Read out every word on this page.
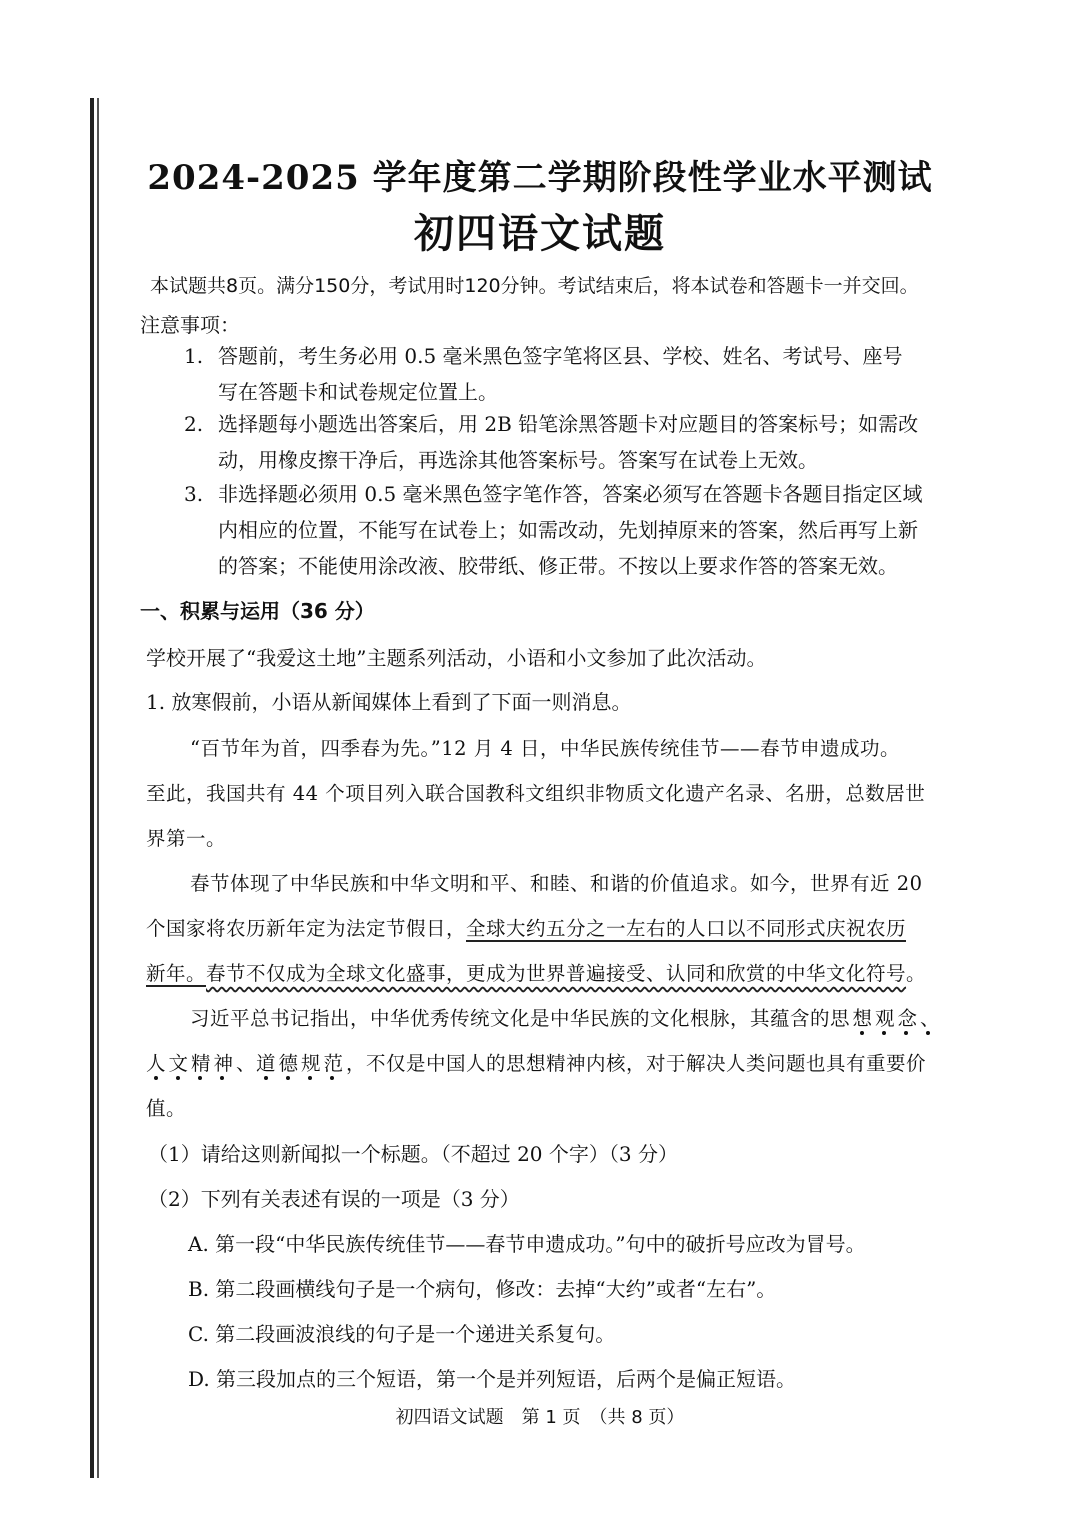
2024-2025 学年度第二学期阶段性学业水平测试
初四语文试题
本试题共8页。满分150分，考试用时120分钟。考试结束后，将本试卷和答题卡一并交回。
注意事项：
1. 答题前，考生务必用 0.5 毫米黑色签字笔将区县、学校、姓名、考试号、座号
写在答题卡和试卷规定位置上。
2. 选择题每小题选出答案后，用 2B 铅笔涂黑答题卡对应题目的答案标号；如需改
动，用橡皮擦干净后，再选涂其他答案标号。答案写在试卷上无效。
3. 非选择题必须用 0.5 毫米黑色签字笔作答，答案必须写在答题卡各题目指定区域
内相应的位置，不能写在试卷上；如需改动，先划掉原来的答案，然后再写上新
的答案；不能使用涂改液、胶带纸、修正带。不按以上要求作答的答案无效。
一、积累与运用（36 分）
学校开展了“我爱这土地”主题系列活动，小语和小文参加了此次活动。
1. 放寒假前，小语从新闻媒体上看到了下面一则消息。
“百节年为首，四季春为先。”12 月 4 日，中华民族传统佳节——春节申遗成功。
至此，我国共有 44 个项目列入联合国教科文组织非物质文化遗产名录、名册，总数居世
界第一。
春节体现了中华民族和中华文明和平、和睦、和谐的价值追求。如今，世界有近 20
个国家将农历新年定为法定节假日，全球大约五分之一左右的人口以不同形式庆祝农历
新年。春节不仅成为全球文化盛事，更成为世界普遍接受、认同和欣赏的中华文化符号。
习近平总书记指出，中华优秀传统文化是中华民族的文化根脉，其蕴含的思想观念、
人文精神、道德规范，不仅是中国人的思想精神内核，对于解决人类问题也具有重要价
值。
（1）请给这则新闻拟一个标题。（不超过 20 个字）（3 分）
（2）下列有关表述有误的一项是（3 分）
A. 第一段“中华民族传统佳节——春节申遗成功。”句中的破折号应改为冒号。
B. 第二段画横线句子是一个病句，修改：去掉“大约”或者“左右”。
C. 第二段画波浪线的句子是一个递进关系复句。
D. 第三段加点的三个短语，第一个是并列短语，后两个是偏正短语。
初四语文试题　第 1 页　（共 8 页）
